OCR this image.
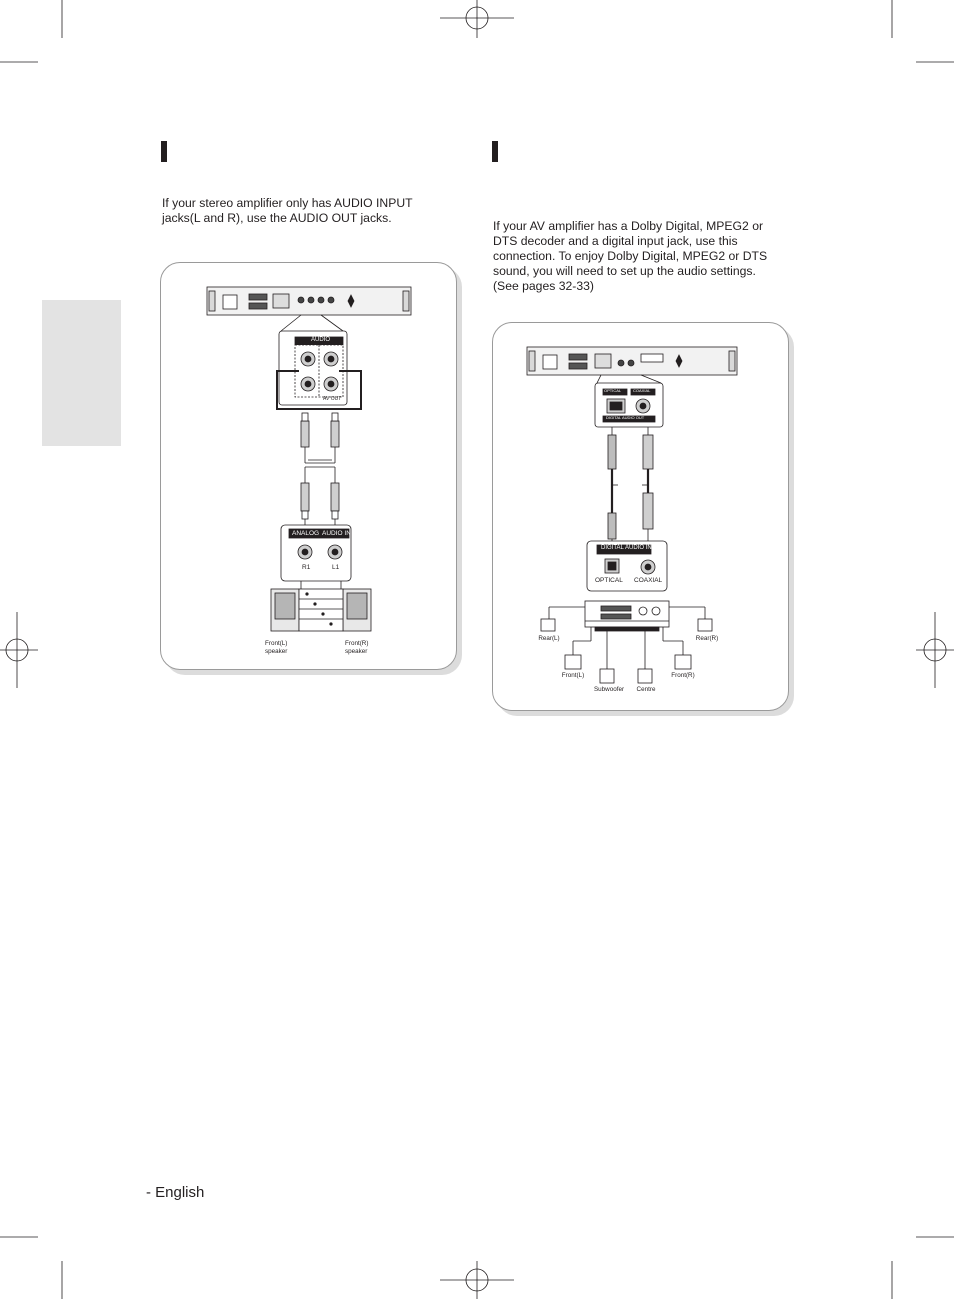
If your stereo amplifier only has AUDIO INPUT
jacks(L and R), use the AUDIO OUT jacks.
If your AV amplifier has a Dolby Digital, MPEG2 or
DTS decoder and a digital input jack, use this
connection. To enjoy Dolby Digital, MPEG2 or DTS
sound, you will need to set up the audio settings.
(See pages 32-33)
AUDIO
AV OUT
ANALOG AUDIO IN
R1	L1
Front(L)
speaker
Front(R)
speaker
OPTICAL	COAXIAL
DIGITAL AUDIO OUT
DIGITAL AUDIO IN
OPTICAL COAXIAL
Rear(L)	Rear(R)
Front(L)	Front(R)
Subwoofer	Centre
- English
